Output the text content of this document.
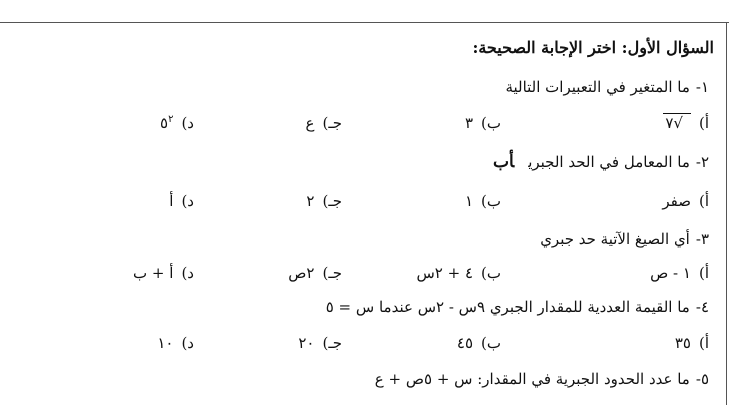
السؤال الأول: اختر الإجابة الصحيحة:
١-ما المتغير في التعبيرات التالية
أ)√٧
ب)٣
جـ)ع
$د)٥^٢$
٢-ما المعامل في الحد الجبريأب
أ)صفر
ب)١
جـ)٢
د)أ
٣-أي الصيغ الآتية حد جبري
أ)١ - ص
ب)٤ + ٢س
جـ)٢ص
د)أ + ب
٤-ما القيمة العددية للمقدار الجبري ٩س - ٢س عندما س = ٥
أ)٣٥
ب)٤٥
جـ)٢٠
د)١٠
٥-ما عدد الحدود الجبرية في المقدار: س + ٥ص + ع
